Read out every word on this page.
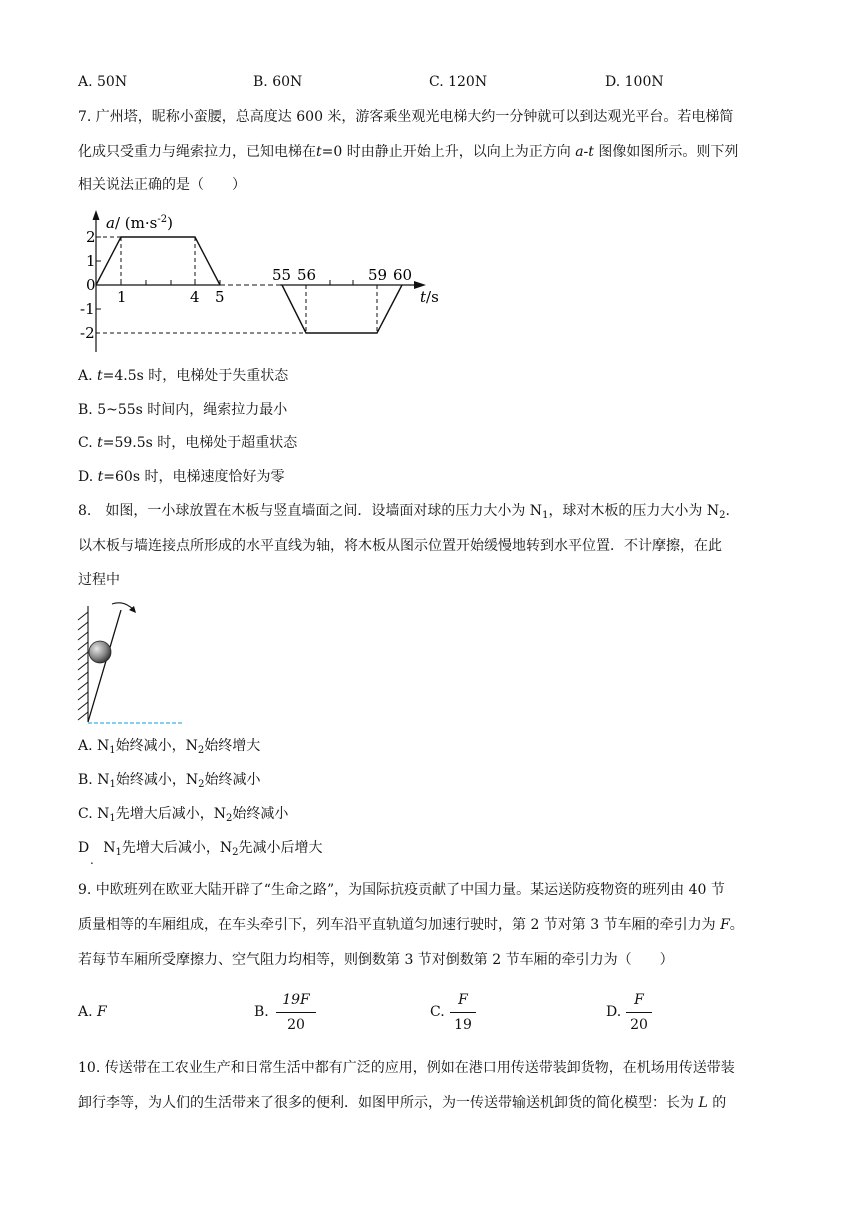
A. 50N	B. 60N	C. 120N	D. 100N
7. 广州塔，昵称小蛮腰，总高度达 600 米，游客乘坐观光电梯大约一分钟就可以到达观光平台。若电梯简
化成只受重力与绳索拉力，已知电梯在t=0 时由静止开始上升，以向上为正方向 a-t 图像如图所示。则下列
相关说法正确的是（　　）
a/ $(m\cdot s^{-2})$
2
1
0
-1
-2
1	4 5
55 56	59 60
t/s
A. t=4.5s 时，电梯处于失重状态
B. 5~55s 时间内，绳索拉力最小
C. t=59.5s 时，电梯处于超重状态
D. t=60s 时，电梯速度恰好为零
8.　如图，一小球放置在木板与竖直墙面之间．设墙面对球的压力大小为 $N_1$，球对木板的压力大小为 $N_2$.
以木板与墙连接点所形成的水平直线为轴，将木板从图示位置开始缓慢地转到水平位置．不计摩擦，在此
过程中
A. $N_1$始终减小，$N_2$始终增大
B. $N_1$始终减小，$N_2$始终减小
C. $N_1$先增大后减小，$N_2$始终减小
D　$N_1$先增大后减小，$N_2$先减小后增大
.
9. 中欧班列在欧亚大陆开辟了“生命之路”，为国际抗疫贡献了中国力量。某运送防疫物资的班列由 40 节
质量相等的车厢组成，在车头牵引下，列车沿平直轨道匀加速行驶时，第 2 节对第 3 节车厢的牵引力为 F。
若每节车厢所受摩擦力、空气阻力均相等，则倒数第 3 节对倒数第 2 节车厢的牵引力为（　　）
A. F	B.
19F
20
C.
F
19
D.
F
20
10. 传送带在工农业生产和日常生活中都有广泛的应用，例如在港口用传送带装卸货物，在机场用传送带装
卸行李等，为人们的生活带来了很多的便利．如图甲所示，为一传送带输送机卸货的简化模型：长为 L 的
